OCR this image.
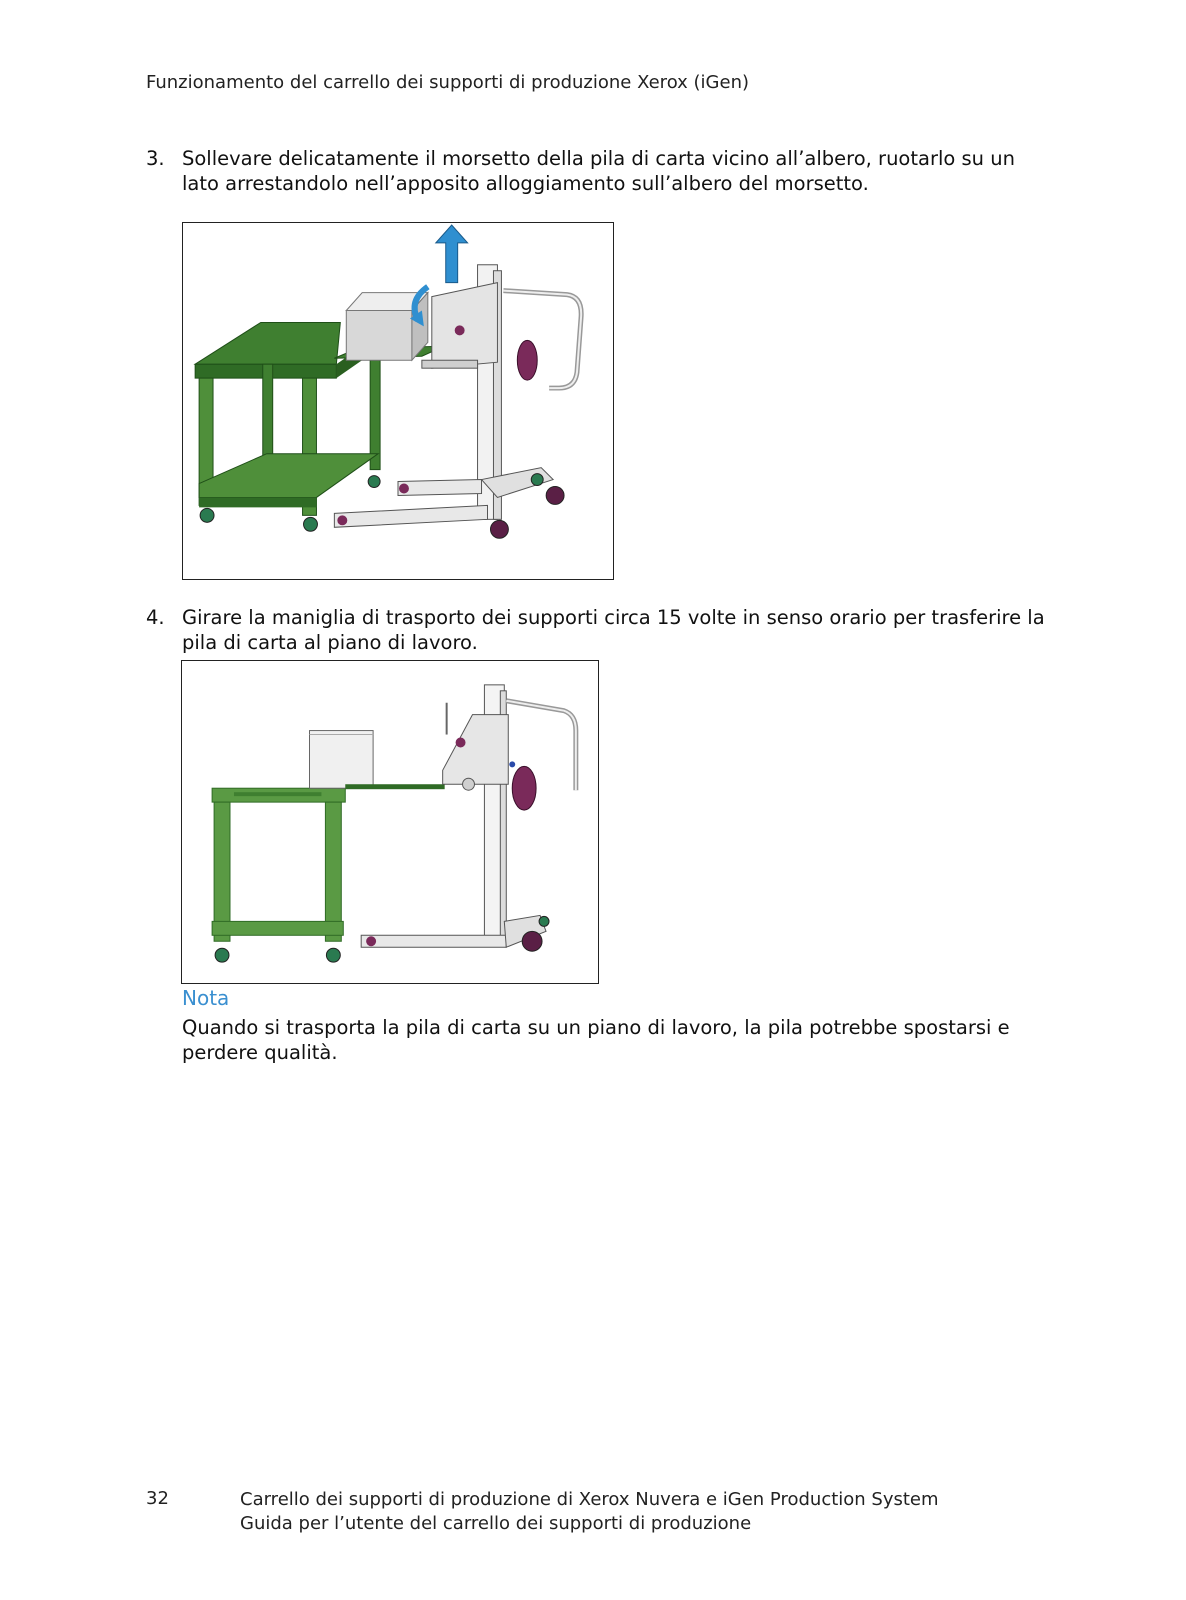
Funzionamento del carrello dei supporti di produzione Xerox (iGen)
3. Sollevare delicatamente il morsetto della pila di carta vicino all’albero, ruotarlo su un lato arrestandolo nell’apposito alloggiamento sull’albero del morsetto.
4. Girare la maniglia di trasporto dei supporti circa 15 volte in senso orario per trasferire la pila di carta al piano di lavoro.
Nota
Quando si trasporta la pila di carta su un piano di lavoro, la pila potrebbe spostarsi e perdere qualità.
32	Carrello dei supporti di produzione di Xerox Nuvera e iGen Production System
Guida per l’utente del carrello dei supporti di produzione
